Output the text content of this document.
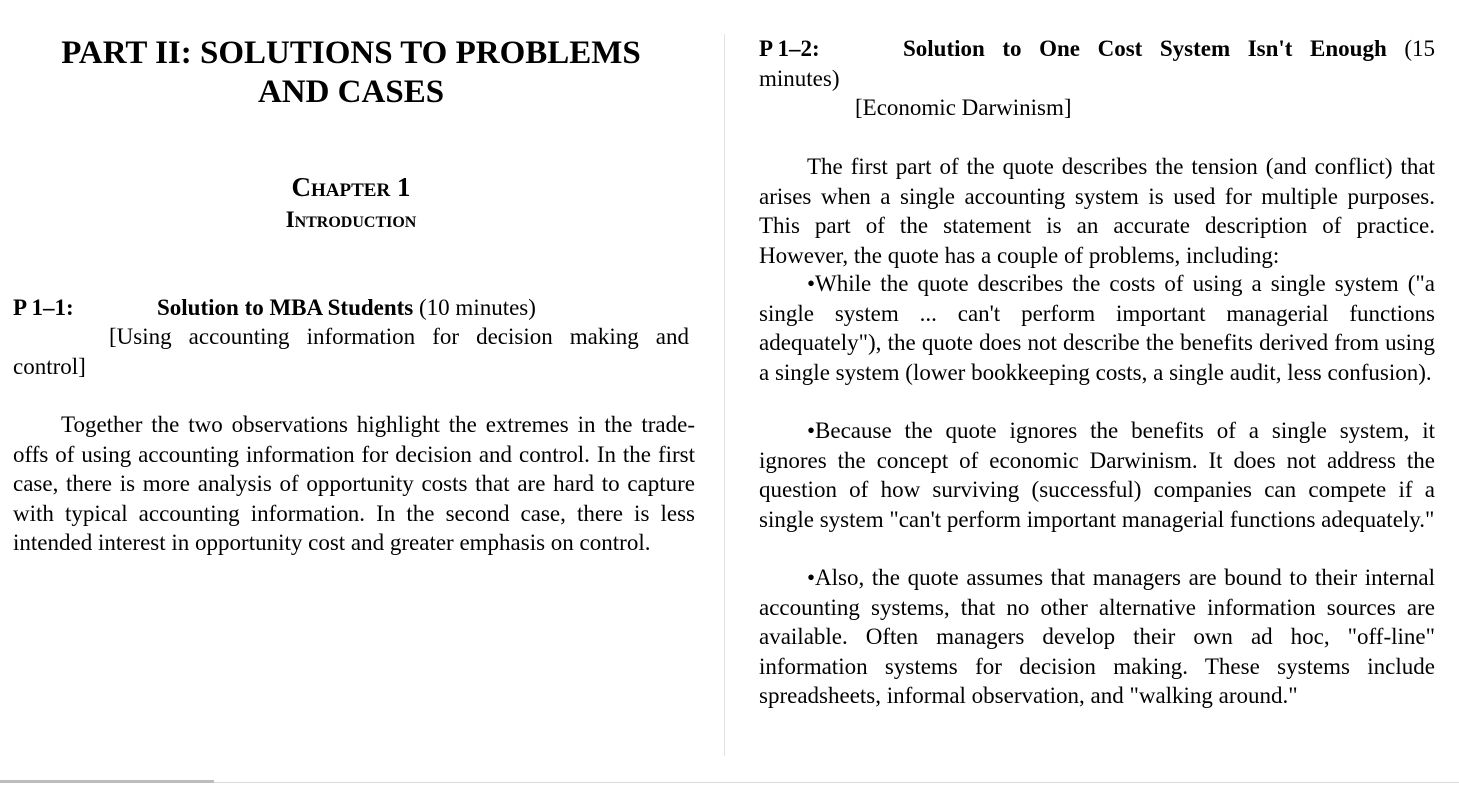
PART II: SOLUTIONS TO PROBLEMS
AND CASES
Chapter 1
Introduction

P 1–1:	Solution to MBA Students (10 minutes)

[Using accounting information for decision making and control]

Together the two observations highlight the extremes in the trade-offs of using accounting information for decision and control. In the first case, there is more analysis of opportunity costs that are hard to capture with typical accounting information. In the second case, there is less intended interest in opportunity cost and greater emphasis on control.

P 1–2:	Solution to One Cost System Isn't Enough (15 minutes)

[Economic Darwinism]

The first part of the quote describes the tension (and conflict) that arises when a single accounting system is used for multiple purposes. This part of the statement is an accurate description of practice. However, the quote has a couple of problems, including:

•While the quote describes the costs of using a single system ("a single system ... can't perform important managerial functions adequately"), the quote does not describe the benefits derived from using a single system (lower bookkeeping costs, a single audit, less confusion).

•Because the quote ignores the benefits of a single system, it ignores the concept of economic Darwinism. It does not address the question of how surviving (successful) companies can compete if a single system "can't perform important managerial functions adequately."

•Also, the quote assumes that managers are bound to their internal accounting systems, that no other alternative information sources are available. Often managers develop their own ad hoc, "off-line" information systems for decision making. These systems include spreadsheets, informal observation, and "walking around."
